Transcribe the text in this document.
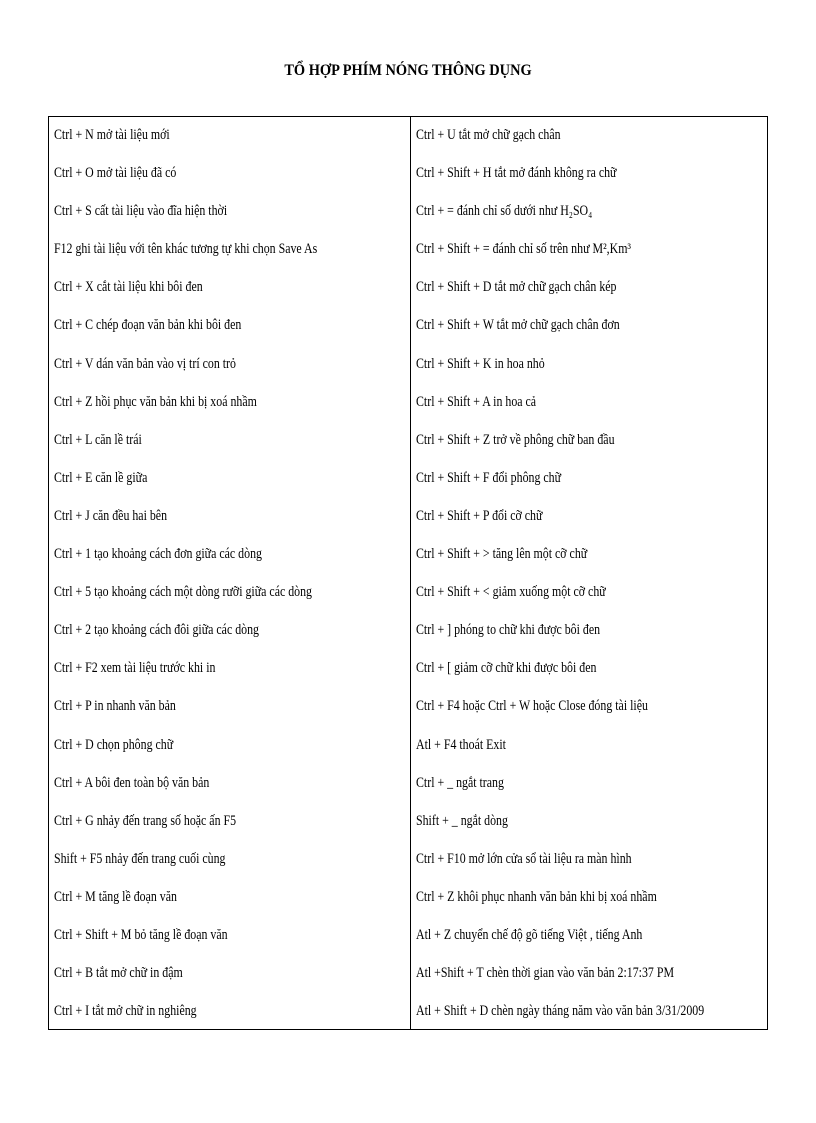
TỔ HỢP PHÍM NÓNG THÔNG DỤNG
Ctrl + N mở tài liệu mới
Ctrl + O mở tài liệu đã có
Ctrl + S cất tài liệu vào đĩa hiện thời
F12 ghi tài liệu với tên khác tương tự khi chọn Save As
Ctrl + X cắt tài liệu khi bôi đen
Ctrl + C chép đoạn văn bản khi bôi đen
Ctrl + V dán văn bản vào vị trí con trỏ
Ctrl + Z hồi phục văn bản khi bị xoá nhầm
Ctrl + L căn lề trái
Ctrl + E căn lề giữa
Ctrl + J căn đều hai bên
Ctrl + 1 tạo khoảng cách đơn giữa các dòng
Ctrl + 5 tạo khoảng cách một dòng rưỡi giữa các dòng
Ctrl + 2 tạo khoảng cách đôi giữa các dòng
Ctrl + F2 xem tài liệu trước khi in
Ctrl + P in nhanh văn bản
Ctrl + D chọn phông chữ
Ctrl + A bôi đen toàn bộ văn bản
Ctrl + G nhảy đến trang số hoặc ấn F5
Shift + F5 nhảy đến trang cuối cùng
Ctrl + M tăng lề đoạn văn
Ctrl + Shift + M bỏ tăng lề đoạn văn
Ctrl + B tắt mở chữ in đậm
Ctrl + I tắt mở chữ in nghiêng
Ctrl + U tắt mở chữ gạch chân
Ctrl + Shift + H tắt mở đánh không ra chữ
Ctrl + = đánh chỉ số dưới như H₂SO₄
Ctrl + Shift + = đánh chỉ số trên như M²,Km³
Ctrl + Shift + D tắt mở chữ gạch chân kép
Ctrl + Shift + W tắt mở chữ gạch chân đơn
Ctrl + Shift + K in hoa nhỏ
Ctrl + Shift + A in hoa cả
Ctrl + Shift + Z trở về phông chữ ban đầu
Ctrl + Shift + F đổi phông chữ
Ctrl + Shift + P đổi cỡ chữ
Ctrl + Shift + > tăng lên một cỡ chữ
Ctrl + Shift + < giảm xuống một cỡ chữ
Ctrl + ] phóng to chữ khi được bôi đen
Ctrl + [ giảm cỡ chữ khi được bôi đen
Ctrl + F4 hoặc Ctrl + W hoặc Close đóng tài liệu
Atl + F4 thoát Exit
Ctrl + _ ngắt trang
Shift + _ ngắt dòng
Ctrl + F10 mở lớn cửa sổ tài liệu ra màn hình
Ctrl + Z khôi phục nhanh văn bản khi bị xoá nhầm
Atl + Z chuyển chế độ gõ tiếng Việt , tiếng Anh
Atl +Shift + T chèn thời gian vào văn bản 2:17:37 PM
Atl + Shift + D chèn ngày tháng năm vào văn bản 3/31/2009
